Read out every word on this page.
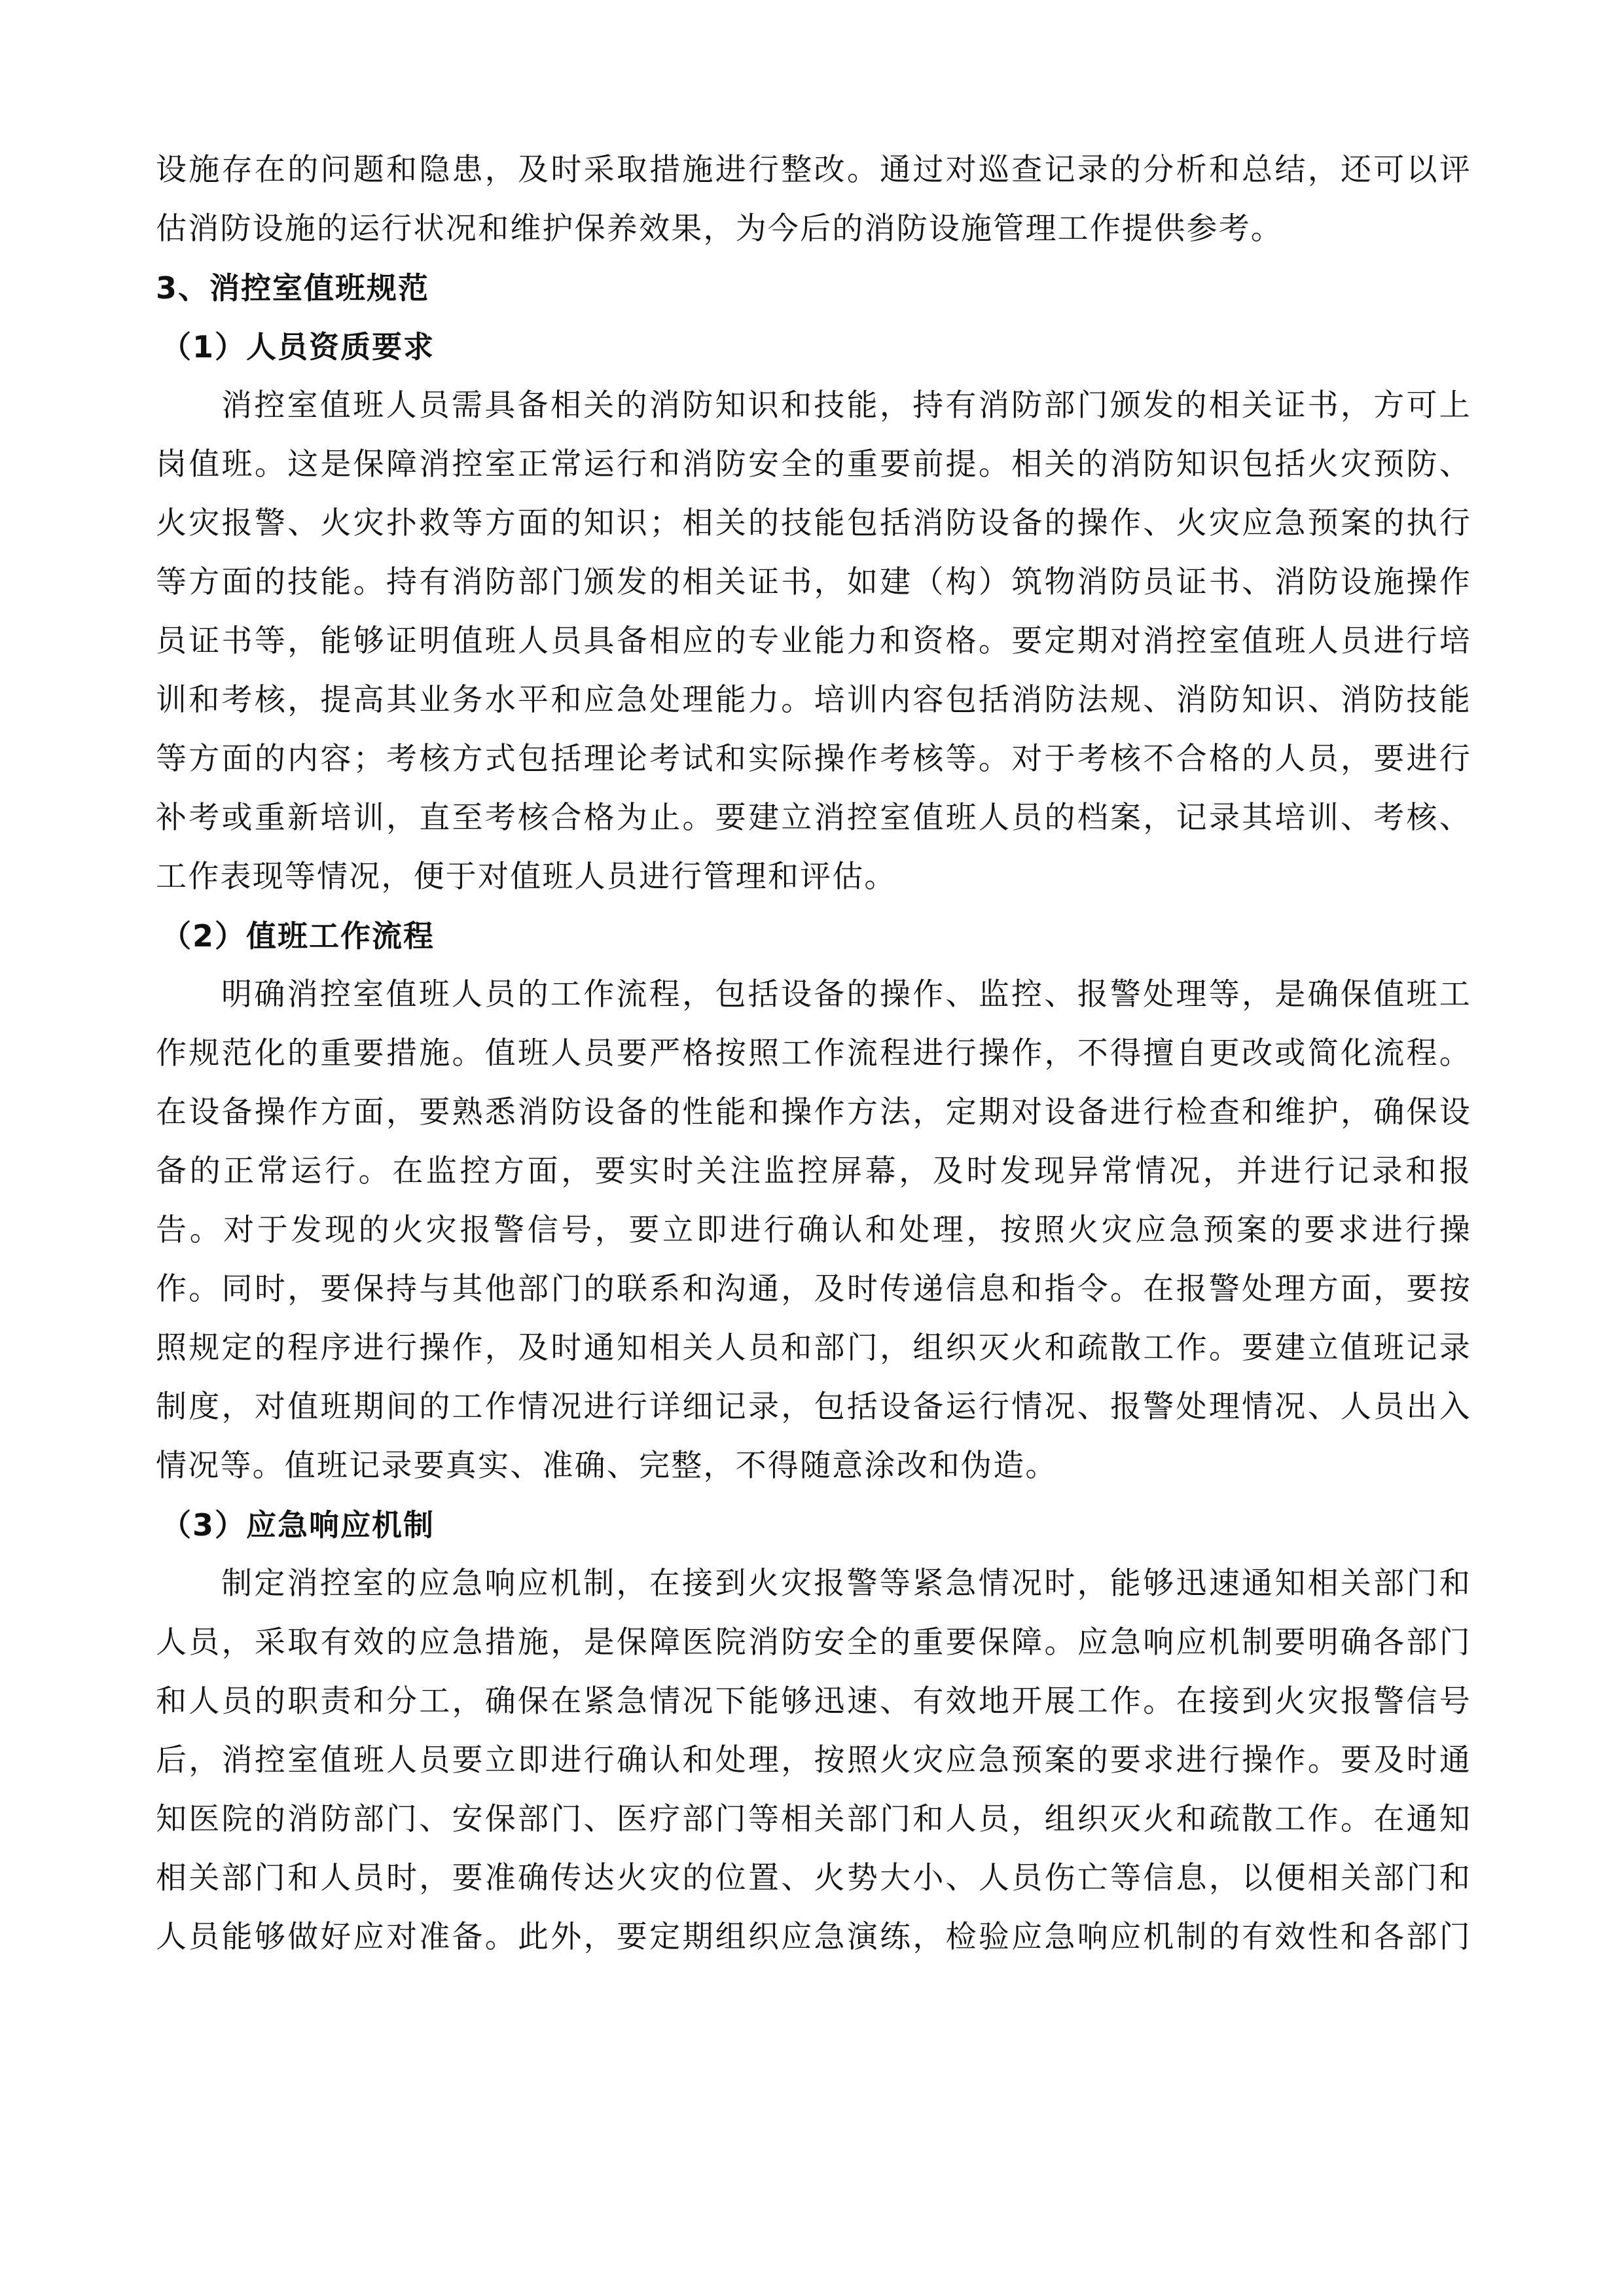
设施存在的问题和隐患，及时采取措施进行整改。通过对巡查记录的分析和总结，还可以评
估消防设施的运行状况和维护保养效果，为今后的消防设施管理工作提供参考。
3、消控室值班规范
（1）人员资质要求
消控室值班人员需具备相关的消防知识和技能，持有消防部门颁发的相关证书，方可上
岗值班。这是保障消控室正常运行和消防安全的重要前提。相关的消防知识包括火灾预防、
火灾报警、火灾扑救等方面的知识；相关的技能包括消防设备的操作、火灾应急预案的执行
等方面的技能。持有消防部门颁发的相关证书，如建（构）筑物消防员证书、消防设施操作
员证书等，能够证明值班人员具备相应的专业能力和资格。要定期对消控室值班人员进行培
训和考核，提高其业务水平和应急处理能力。培训内容包括消防法规、消防知识、消防技能
等方面的内容；考核方式包括理论考试和实际操作考核等。对于考核不合格的人员，要进行
补考或重新培训，直至考核合格为止。要建立消控室值班人员的档案，记录其培训、考核、
工作表现等情况，便于对值班人员进行管理和评估。
（2）值班工作流程
明确消控室值班人员的工作流程，包括设备的操作、监控、报警处理等，是确保值班工
作规范化的重要措施。值班人员要严格按照工作流程进行操作，不得擅自更改或简化流程。
在设备操作方面，要熟悉消防设备的性能和操作方法，定期对设备进行检查和维护，确保设
备的正常运行。在监控方面，要实时关注监控屏幕，及时发现异常情况，并进行记录和报
告。对于发现的火灾报警信号，要立即进行确认和处理，按照火灾应急预案的要求进行操
作。同时，要保持与其他部门的联系和沟通，及时传递信息和指令。在报警处理方面，要按
照规定的程序进行操作，及时通知相关人员和部门，组织灭火和疏散工作。要建立值班记录
制度，对值班期间的工作情况进行详细记录，包括设备运行情况、报警处理情况、人员出入
情况等。值班记录要真实、准确、完整，不得随意涂改和伪造。
（3）应急响应机制
制定消控室的应急响应机制，在接到火灾报警等紧急情况时，能够迅速通知相关部门和
人员，采取有效的应急措施，是保障医院消防安全的重要保障。应急响应机制要明确各部门
和人员的职责和分工，确保在紧急情况下能够迅速、有效地开展工作。在接到火灾报警信号
后，消控室值班人员要立即进行确认和处理，按照火灾应急预案的要求进行操作。要及时通
知医院的消防部门、安保部门、医疗部门等相关部门和人员，组织灭火和疏散工作。在通知
相关部门和人员时，要准确传达火灾的位置、火势大小、人员伤亡等信息，以便相关部门和
人员能够做好应对准备。此外，要定期组织应急演练，检验应急响应机制的有效性和各部门
